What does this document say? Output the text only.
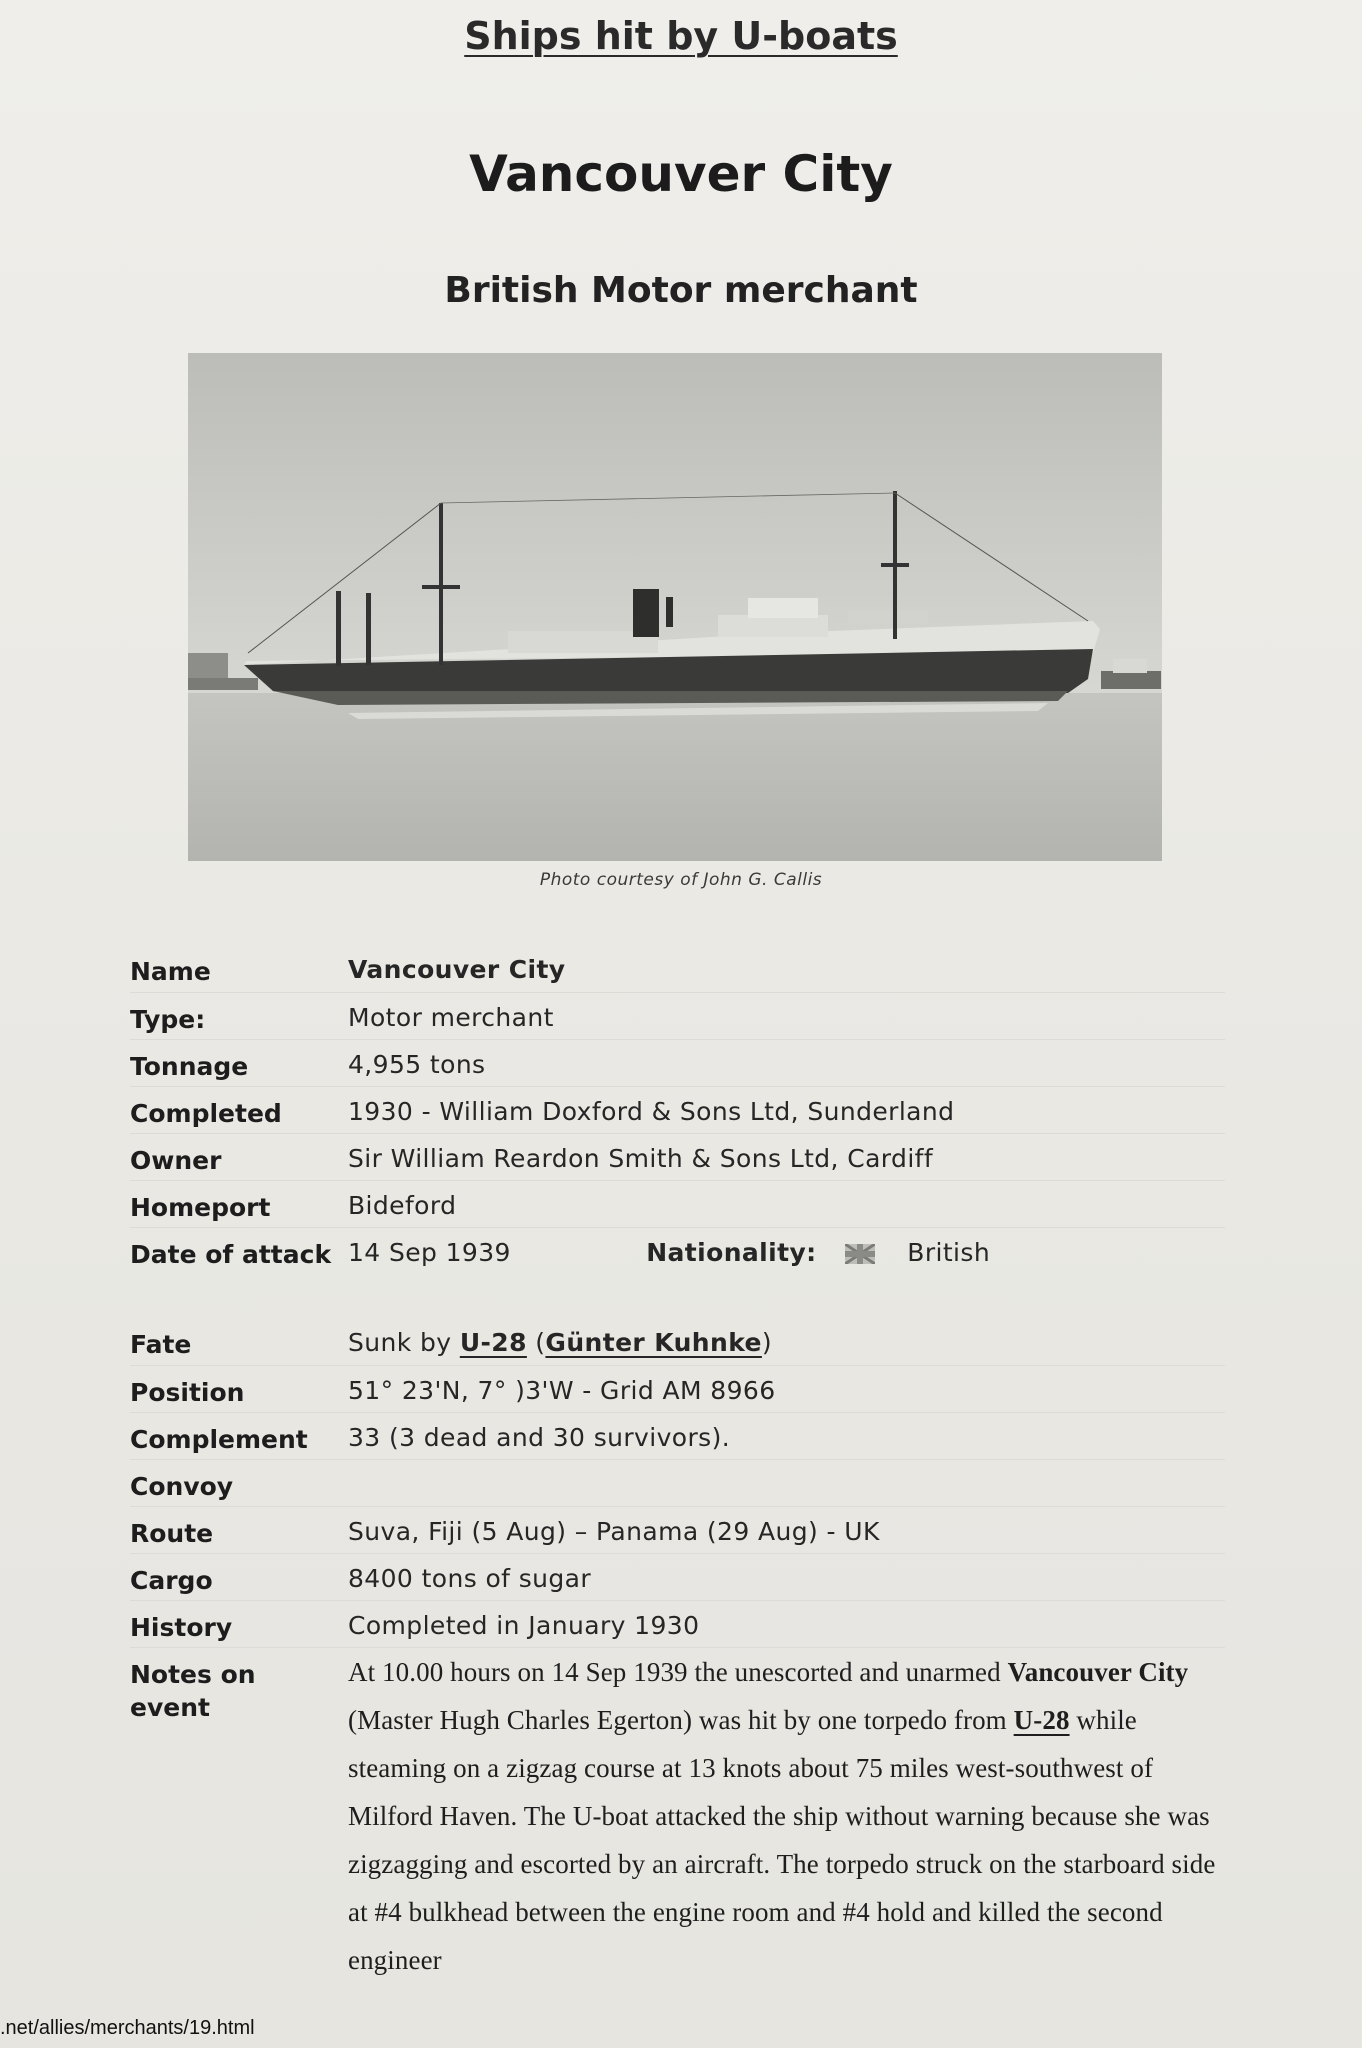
Ships hit by U-boats
Vancouver City
British Motor merchant
Photo courtesy of John G. Callis
Name	Vancouver City
Type:	Motor merchant
Tonnage	4,955 tons
Completed	1930 - William Doxford & Sons Ltd, Sunderland
Owner	Sir William Reardon Smith & Sons Ltd, Cardiff
Homeport	Bideford
Date of attack	14 Sep 1939 Nationality: British
Fate	Sunk by U-28 (Günter Kuhnke)
Position	51° 23'N, 7° )3'W - Grid AM 8966
Complement	33 (3 dead and 30 survivors).
Convoy	
Route	Suva, Fiji (5 Aug) – Panama (29 Aug) - UK
Cargo	8400 tons of sugar
History	Completed in January 1930

Notes on event	At 10.00 hours on 14 Sep 1939 the unescorted and unarmed Vancouver City (Master Hugh Charles Egerton) was hit by one torpedo from U-28 while steaming on a zigzag course at 13 knots about 75 miles west-southwest of Milford Haven. The U-boat attacked the ship without warning because she was zigzagging and escorted by an aircraft. The torpedo struck on the starboard side at #4 bulkhead between the engine room and #4 hold and killed the second engineer
.net/allies/merchants/19.html
